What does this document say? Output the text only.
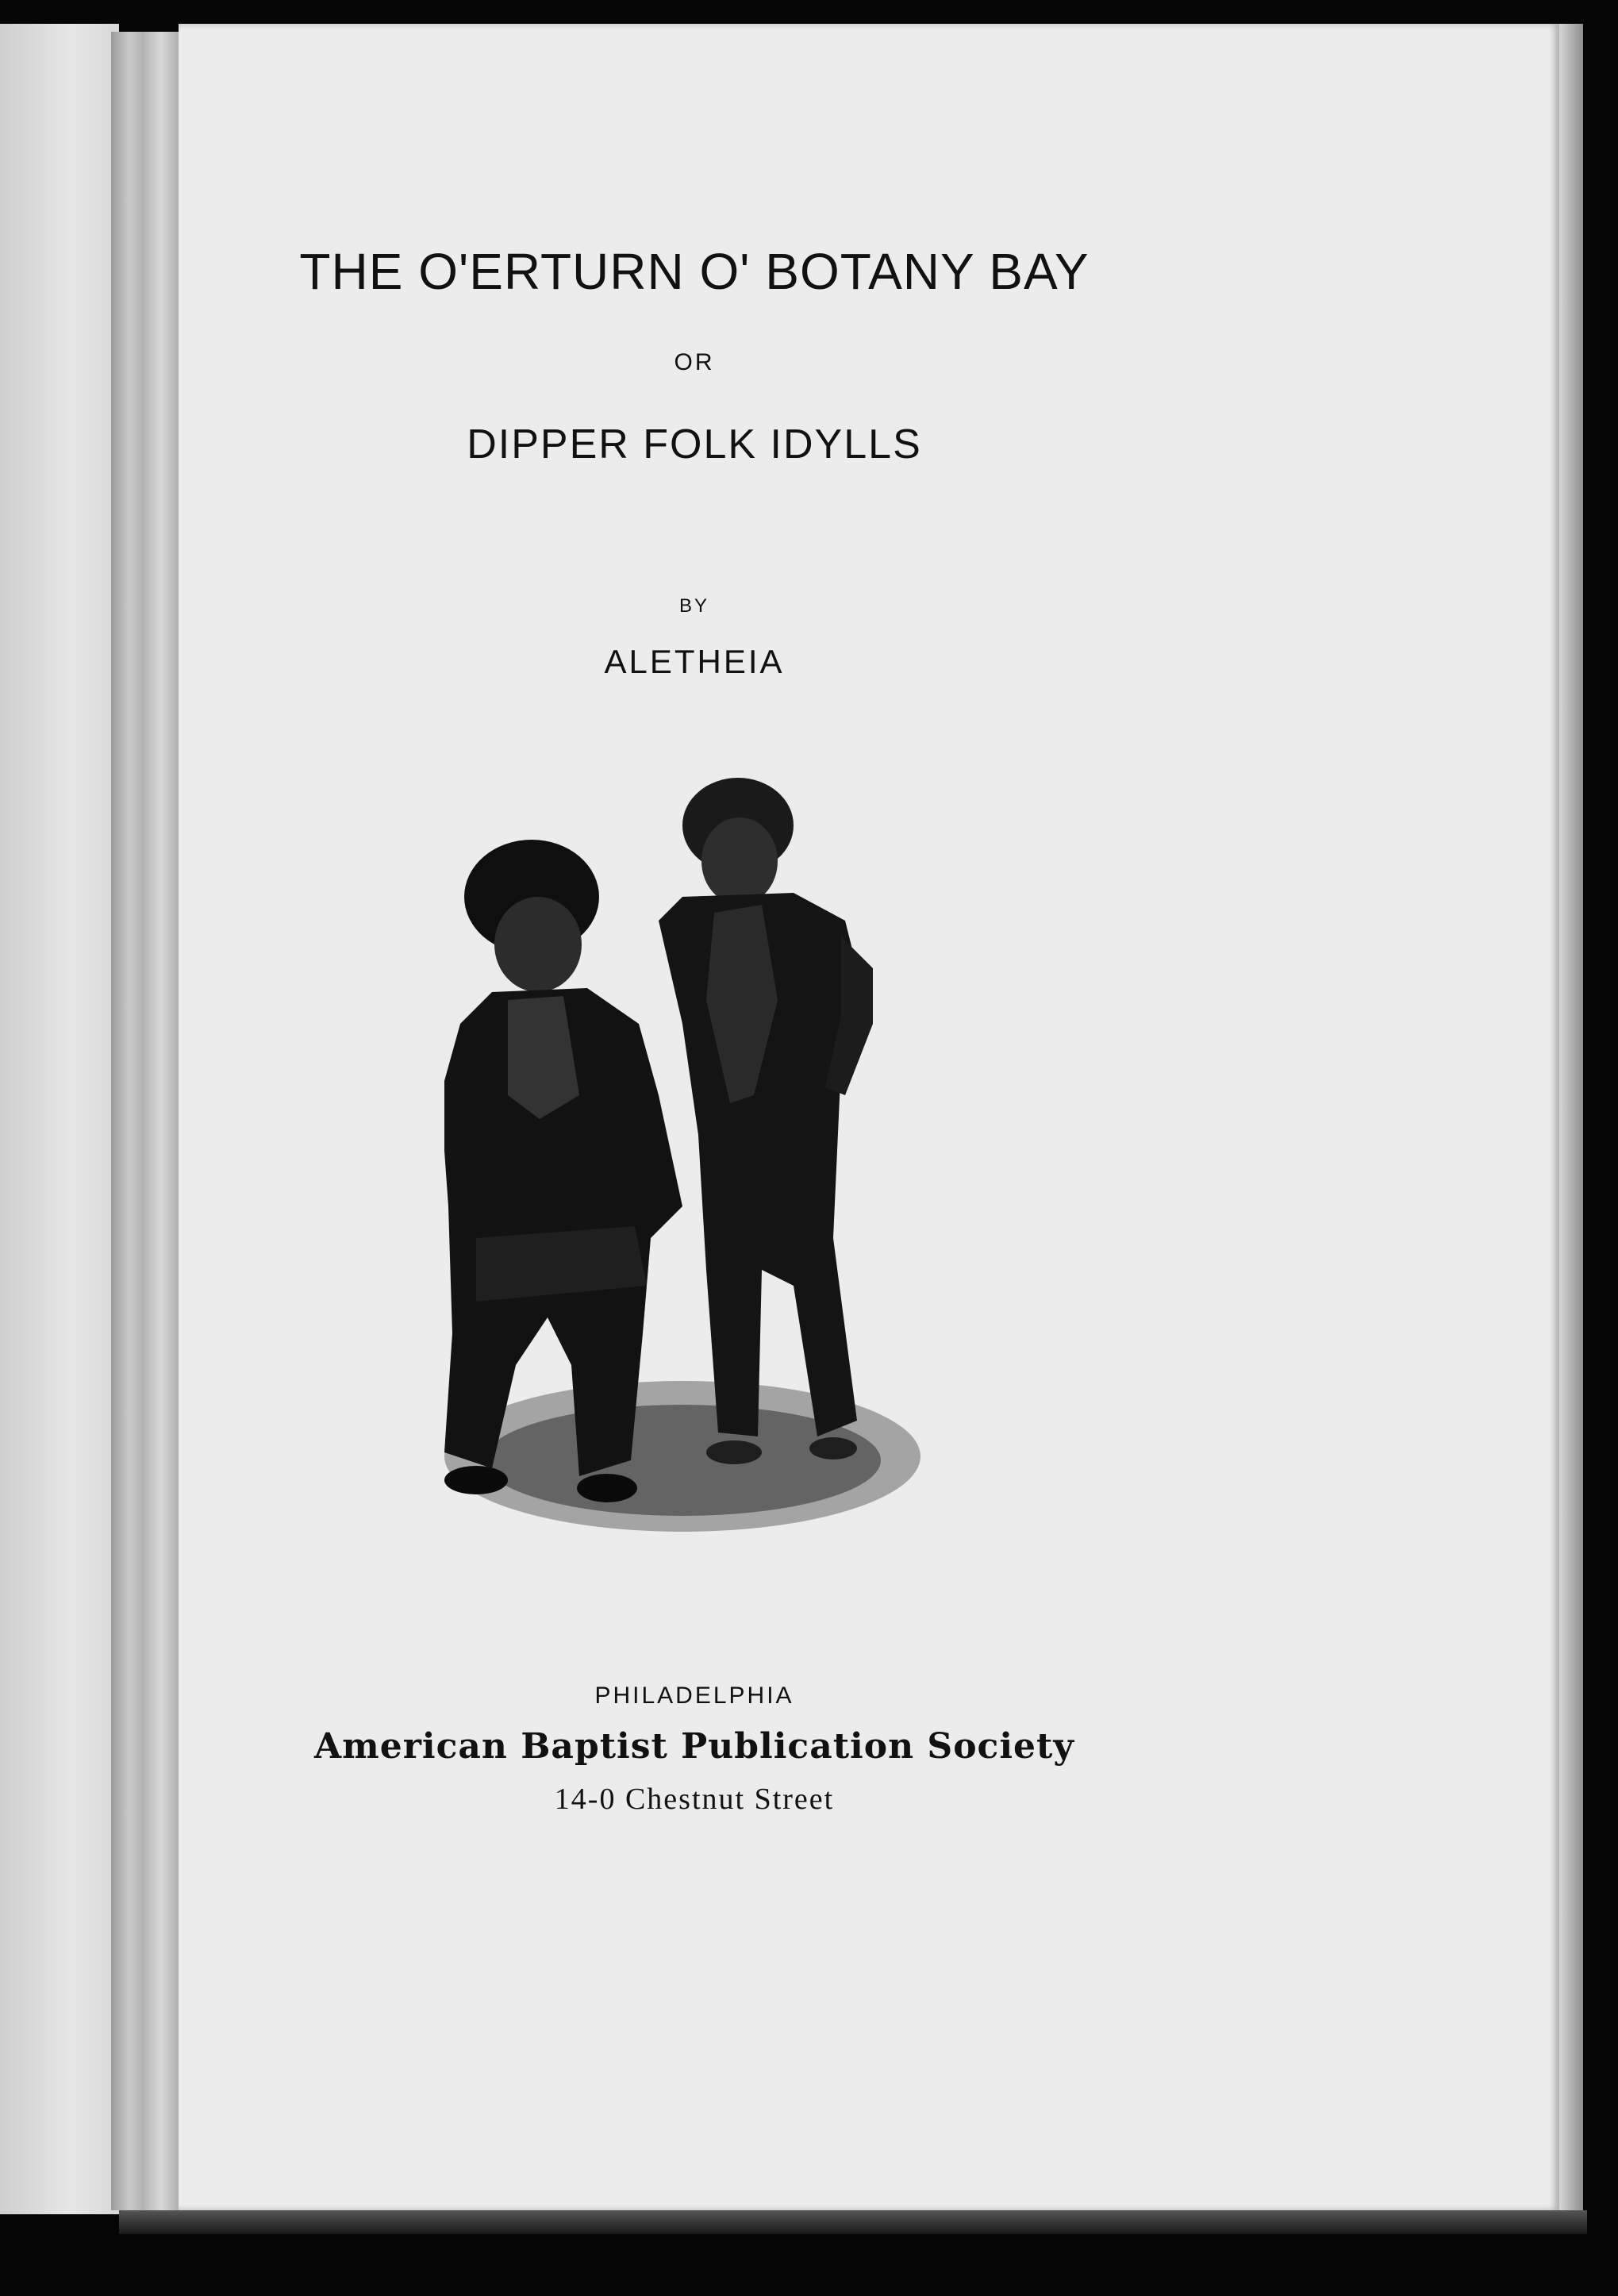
THE O'ERTURN O' BOTANY BAY
OR
DIPPER FOLK IDYLLS
BY
ALETHEIA
PHILADELPHIA
American Baptist Publication Society
14-0 Chestnut Street
